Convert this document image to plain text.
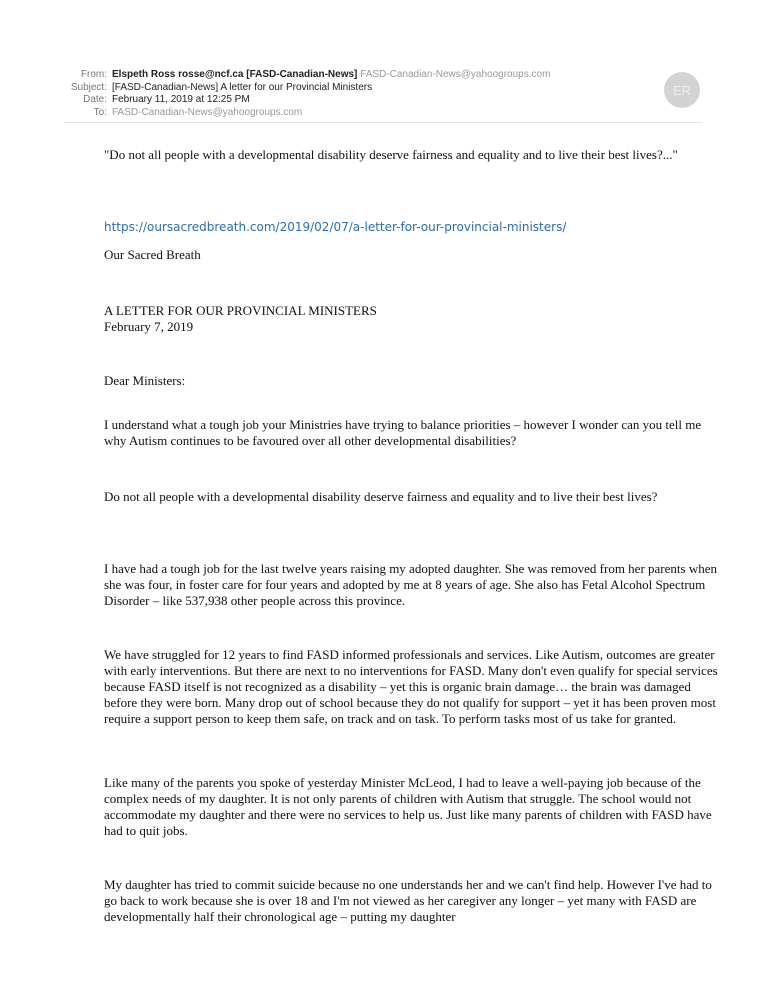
From: Elspeth Ross rosse@ncf.ca [FASD-Canadian-News]
FASD-Canadian-News@yahoogroups.com
Subject: [FASD-Canadian-News] A letter for our Provincial Ministers
Date: February 11, 2019 at 12:25 PM
To: FASD-Canadian-News@yahoogroups.com
ER
"Do not all people with a developmental disability deserve fairness and equality and to live their best lives?..."
https://oursacredbreath.com/2019/02/07/a-letter-for-our-provincial-ministers/
Our Sacred Breath
A LETTER FOR OUR PROVINCIAL MINISTERS
February 7, 2019
Dear Ministers:
I understand what a tough job your Ministries have trying to balance priorities – however I wonder can you tell me why Autism continues to be favoured over all other developmental disabilities?
Do not all people with a developmental disability deserve fairness and equality and to live their best lives?
I have had a tough job for the last twelve years raising my adopted daughter. She was removed from her parents when she was four, in foster care for four years and adopted by me at 8 years of age. She also has Fetal Alcohol Spectrum Disorder – like 537,938 other people across this province.
We have struggled for 12 years to find FASD informed professionals and services. Like Autism, outcomes are greater with early interventions. But there are next to no interventions for FASD. Many don't even qualify for special services because FASD itself is not recognized as a disability – yet this is organic brain damage… the brain was damaged before they were born. Many drop out of school because they do not qualify for support – yet it has been proven most require a support person to keep them safe, on track and on task. To perform tasks most of us take for granted.
Like many of the parents you spoke of yesterday Minister McLeod, I had to leave a well-paying job because of the complex needs of my daughter. It is not only parents of children with Autism that struggle. The school would not accommodate my daughter and there were no services to help us. Just like many parents of children with FASD have had to quit jobs.
My daughter has tried to commit suicide because no one understands her and we can't find help. However I've had to go back to work because she is over 18 and I'm not viewed as her caregiver any longer – yet many with FASD are developmentally half their chronological age – putting my daughter
